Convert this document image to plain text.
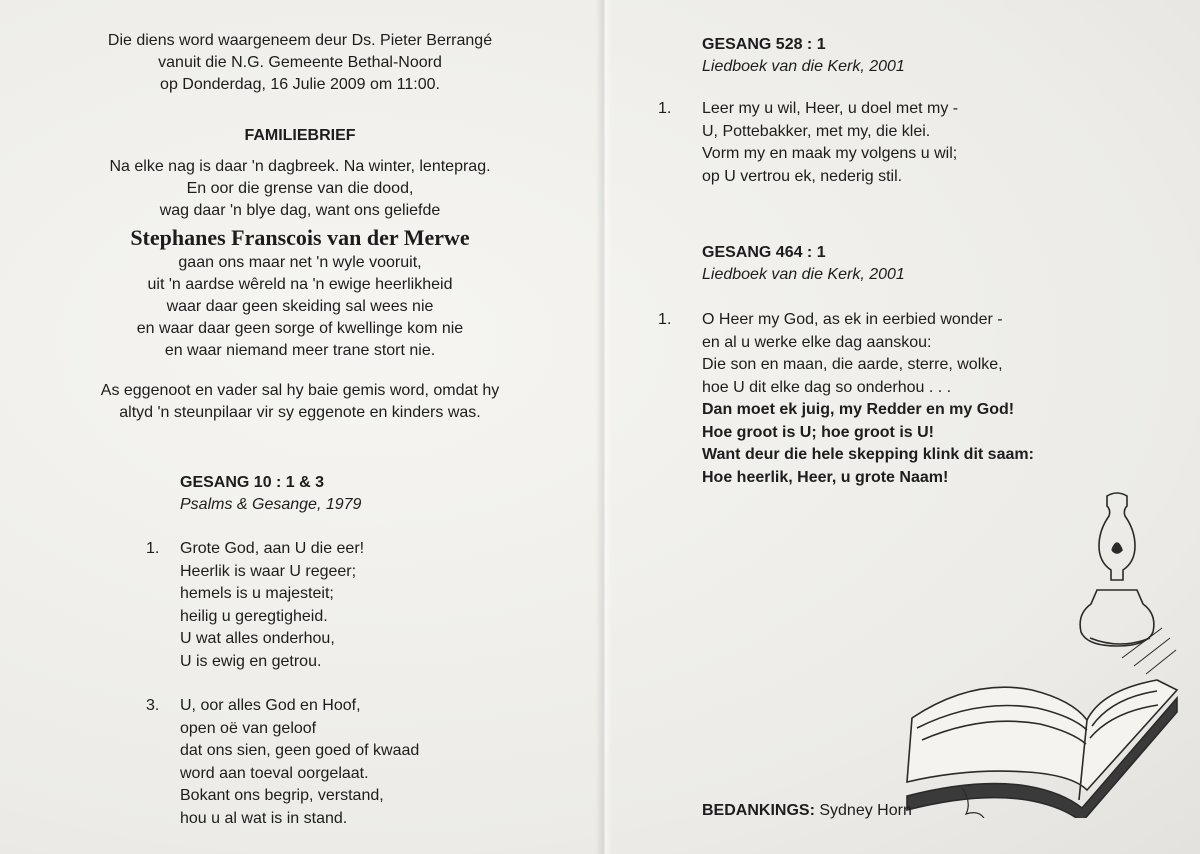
Die diens word waargeneem deur Ds. Pieter Berrangé
vanuit die N.G. Gemeente Bethal-Noord
op Donderdag, 16 Julie 2009 om 11:00.
FAMILIEBRIEF
Na elke nag is daar 'n dagbreek. Na winter, lenteprag.
En oor die grense van die dood,
wag daar 'n blye dag, want ons geliefde
Stephanes Franscois van der Merwe
gaan ons maar net 'n wyle vooruit,
uit 'n aardse wêreld na 'n ewige heerlikheid
waar daar geen skeiding sal wees nie
en waar daar geen sorge of kwellinge kom nie
en waar niemand meer trane stort nie.
As eggenoot en vader sal hy baie gemis word, omdat hy
altyd 'n steunpilaar vir sy eggenote en kinders was.
GESANG 10 : 1 & 3
Psalms & Gesange, 1979
1. Grote God, aan U die eer!
Heerlik is waar U regeer;
hemels is u majesteit;
heilig u geregtigheid.
U wat alles onderhou,
U is ewig en getrou.
3. U, oor alles God en Hoof,
open oë van geloof
dat ons sien, geen goed of kwaad
word aan toeval oorgelaat.
Bokant ons begrip, verstand,
hou u al wat is in stand.
GESANG 528 : 1
Liedboek van die Kerk, 2001
1. Leer my u wil, Heer, u doel met my -
U, Pottebakker, met my, die klei.
Vorm my en maak my volgens u wil;
op U vertrou ek, nederig stil.
GESANG 464 : 1
Liedboek van die Kerk, 2001
1. O Heer my God, as ek in eerbied wonder -
en al u werke elke dag aanskou:
Die son en maan, die aarde, sterre, wolke,
hoe U dit elke dag so onderhou . . .
Dan moet ek juig, my Redder en my God!
Hoe groot is U; hoe groot is U!
Want deur die hele skepping klink dit saam:
Hoe heerlik, Heer, u grote Naam!
BEDANKINGS: Sydney Horn
